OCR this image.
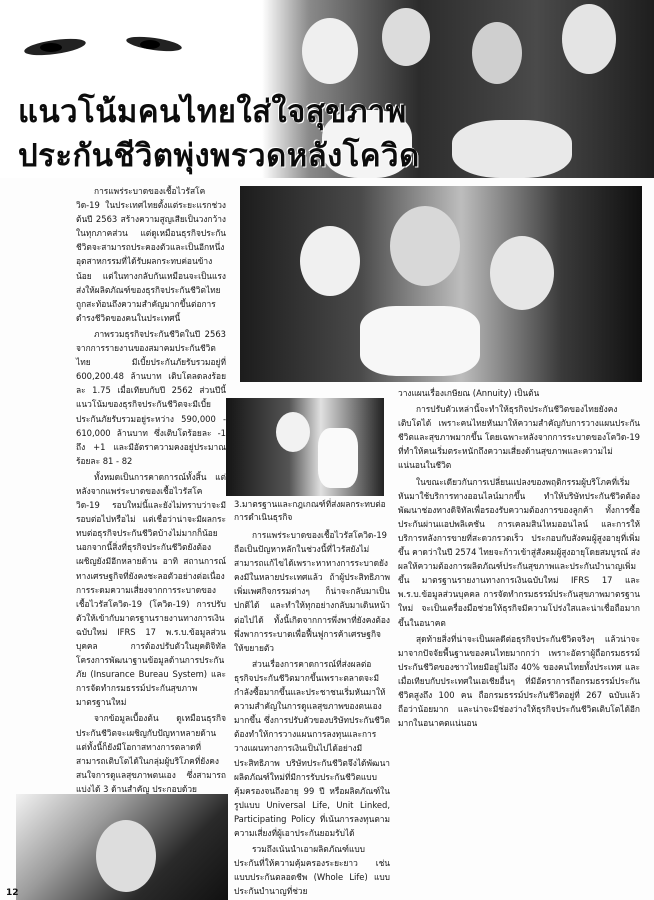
แนวโน้มคนไทยใส่ใจสุขภาพ
ประกันชีวิตพุ่งพรวดหลังโควิด

การแพร่ระบาดของเชื้อไวรัสโควิด-19 ในประเทศไทยตั้งแต่ระยะแรกช่วงต้นปี 2563 สร้างความสูญเสียเป็นวงกว้างในทุกภาคส่วน แต่ดูเหมือนธุรกิจประกันชีวิตจะสามารถประคองตัวและเป็นอีกหนึ่งอุตสาหกรรมที่ได้รับผลกระทบค่อนข้างน้อย แต่ในทางกลับกันเหมือนจะเป็นแรงส่งให้ผลิตภัณฑ์ของธุรกิจประกันชีวิตไทยถูกสะท้อนถึงความสำคัญมากขึ้นต่อการดำรงชีวิตของคนในประเทศนี้

ภาพรวมธุรกิจประกันชีวิตในปี 2563 จากการรายงานของสมาคมประกันชีวิตไทย มีเบี้ยประกันภัยรับรวมอยู่ที่ 600,200.48 ล้านบาท เติบโตลดลงร้อยละ 1.75 เมื่อเทียบกับปี 2562 ส่วนปีนี้แนวโน้มของธุรกิจประกันชีวิตจะมีเบี้ยประกันภัยรับรวมอยู่ระหว่าง 590,000 - 610,000 ล้านบาท ซึ่งเติบโตร้อยละ -1 ถึง +1 และมีอัตราความคงอยู่ประมาณร้อยละ 81 - 82

ทั้งหมดเป็นการคาดการณ์ทั้งสิ้น แต่หลังจากแพร่ระบาดของเชื้อไวรัสโควิด-19 รอบใหม่นี้และยังไม่ทราบว่าจะมีรอบต่อไปหรือไม่ แต่เชื่อว่าน่าจะมีผลกระทบต่อธุรกิจประกันชีวิตบ้างไม่มากก็น้อย นอกจากนี้สิ่งที่ธุรกิจประกันชีวิตยังต้องเผชิญยังมีอีกหลายด้าน อาทิ สถานการณ์ทางเศรษฐกิจที่ยังคงชะลอตัวอย่างต่อเนื่อง การระดมความเสี่ยงจากการระบาดของเชื้อไวรัสโควิด-19 (โควิด-19) การปรับตัวให้เข้ากับมาตรฐานรายงานทางการเงินฉบับใหม่ IFRS 17 พ.ร.บ.ข้อมูลส่วนบุคคล การต้องปรับตัวในยุคดิจิทัล โครงการพัฒนาฐานข้อมูลด้านการประกันภัย (Insurance Bureau System) และการจัดทำกรมธรรม์ประกันสุขภาพมาตรฐานใหม่

จากข้อมูลเบื้องต้น ดูเหมือนธุรกิจประกันชีวิตจะเผชิญกับปัญหาหลายด้าน แต่ทั้งนี้ก็ยังมีโอกาสทางการตลาดที่สามารถเติบโตได้ในกลุ่มผู้บริโภคที่ยังคงสนใจการดูแลสุขภาพตนเอง ซึ่งสามารถแบ่งได้ 3 ด้านสำคัญ ประกอบด้วย

3.มาตรฐานและกฎเกณฑ์ที่ส่งผลกระทบต่อการดำเนินธุรกิจ

การแพร่ระบาดของเชื้อไวรัสโควิด-19 ถือเป็นปัญหาหลักในช่วงนี้ที่ไวรัสยังไม่สามารถแก้ไขได้เพราะหาทางการระบาดยังคงมีในหลายประเทศแล้ว ถ้าผู้ประสิทธิภาพ เพิ่มเพศกิจกรรมต่างๆ ก็น่าจะกลับมาเป็นปกติได้ และทำให้ทุกอย่างกลับมาเดินหน้าต่อไปได้ ทั้งนี้เกิดจากการพึ่งพาที่ยังคงต้องพึ่งพาการระบาดเพื่อฟื้นฟูการค้าเศรษฐกิจให้ขยายตัว

ส่วนเรื่องการคาดการณ์ที่ส่งผลต่อธุรกิจประกันชีวิตมากขึ้นเพราะตลาดจะมีกำลังซื้อมากขึ้นและประชาชนเริ่มหันมาให้ความสำคัญในการดูแลสุขภาพของตนเองมากขึ้น ซึ่งการปรับตัวของบริษัทประกันชีวิตต้องทำให้การวางแผนการลงทุนและการวางแผนทางการเงินเป็นไปได้อย่างมีประสิทธิภาพ บริษัทประกันชีวิตจึงได้พัฒนาผลิตภัณฑ์ใหม่ที่มีการรับประกันชีวิตแบบคุ้มครองจนถึงอายุ 99 ปี หรือผลิตภัณฑ์ในรูปแบบ Universal Life, Unit Linked, Participating Policy ที่เน้นการลงทุนตามความเสี่ยงที่ผู้เอาประกันยอมรับได้

รวมถึงเน้นนำเอาผลิตภัณฑ์แบบประกันที่ให้ความคุ้มครองระยะยาว เช่น แบบประกันตลอดชีพ (Whole Life) แบบประกันบำนาญที่ช่วย

วางแผนเรื่องเกษียณ (Annuity) เป็นต้น

การปรับตัวเหล่านี้จะทำให้ธุรกิจประกันชีวิตของไทยยังคงเติบโตได้ เพราะคนไทยหันมาให้ความสำคัญกับการวางแผนประกันชีวิตและสุขภาพมากขึ้น โดยเฉพาะหลังจากการระบาดของโควิด-19 ที่ทำให้คนเริ่มตระหนักถึงความเสี่ยงด้านสุขภาพและความไม่แน่นอนในชีวิต

ในขณะเดียวกันการเปลี่ยนแปลงของพฤติกรรมผู้บริโภคที่เริ่มหันมาใช้บริการทางออนไลน์มากขึ้น ทำให้บริษัทประกันชีวิตต้องพัฒนาช่องทางดิจิทัลเพื่อรองรับความต้องการของลูกค้า ทั้งการซื้อประกันผ่านแอปพลิเคชัน การเคลมสินไหมออนไลน์ และการให้บริการหลังการขายที่สะดวกรวดเร็ว ประกอบกับสังคมผู้สูงอายุที่เพิ่มขึ้น คาดว่าในปี 2574 ไทยจะก้าวเข้าสู่สังคมผู้สูงอายุโดยสมบูรณ์ ส่งผลให้ความต้องการผลิตภัณฑ์ประกันสุขภาพและประกันบำนาญเพิ่มขึ้น มาตรฐานรายงานทางการเงินฉบับใหม่ IFRS 17 และ พ.ร.บ.ข้อมูลส่วนบุคคล การจัดทำกรมธรรม์ประกันสุขภาพมาตรฐานใหม่ จะเป็นเครื่องมือช่วยให้ธุรกิจมีความโปร่งใสและน่าเชื่อถือมากขึ้นในอนาคต

สุดท้ายสิ่งที่น่าจะเป็นผลดีต่อธุรกิจประกันชีวิตจริงๆ แล้วน่าจะมาจากปัจจัยพื้นฐานของคนไทยมากกว่า เพราะอัตราผู้ถือกรมธรรม์ประกันชีวิตของชาวไทยมีอยู่ไม่ถึง 40% ของคนไทยทั้งประเทศ และเมื่อเทียบกับประเทศในเอเชียอื่นๆ ที่มีอัตราการถือกรมธรรม์ประกันชีวิตสูงถึง 100 คน ถือกรมธรรม์ประกันชีวิตอยู่ที่ 267 ฉบับแล้วถือว่าน้อยมาก และน่าจะมีช่องว่างให้ธุรกิจประกันชีวิตเติบโตได้อีกมากในอนาคตแน่นอน

12
